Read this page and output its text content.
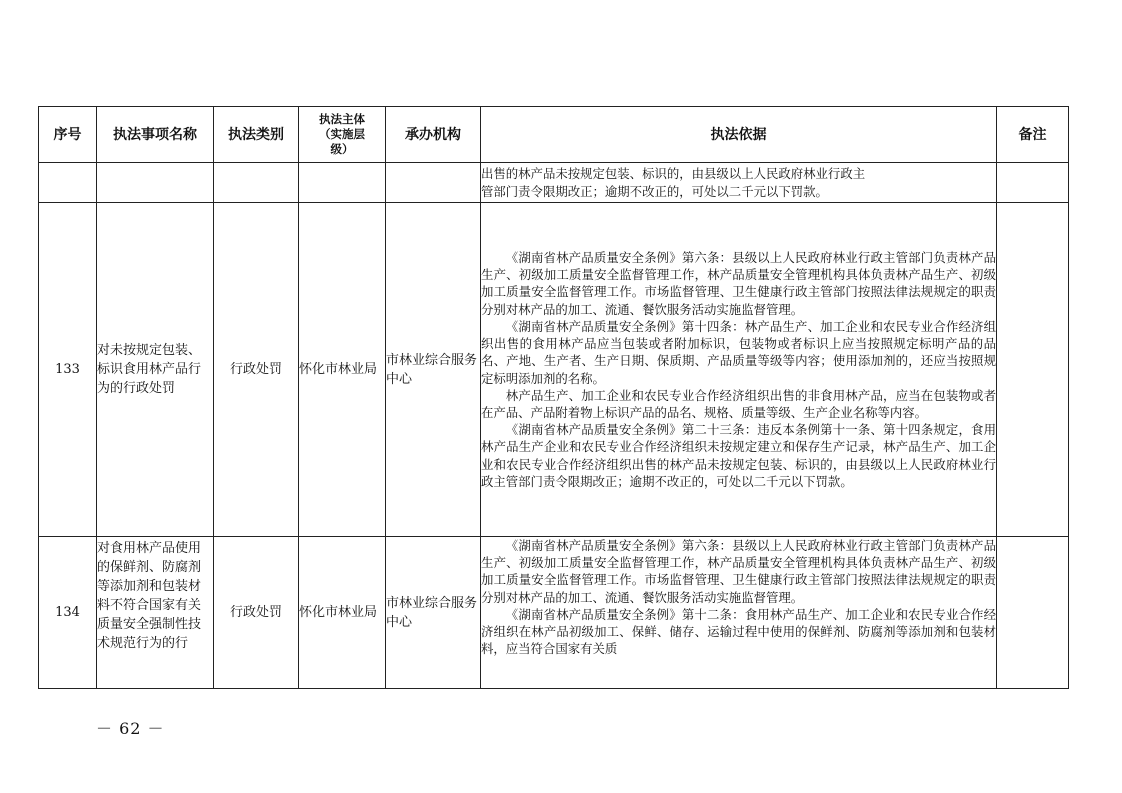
序号	执法事项名称	执法类别	执法主体
（实施层
级）	承办机构	执法依据	备注

					出售的林产品未按规定包装、标识的，由县级以上人民政府林业行政主

管部门责令限期改正；逾期不改正的，可处以二千元以下罚款。	

133	对未按规定包装、标识食用林产品行为的行政处罚	行政处罚	怀化市林业局	市林业综合服务中心	《湖南省林产品质量安全条例》第六条：县级以上人民政府林业行政主管部门负责林产品生产、初级加工质量安全监督管理工作，林产品质量安全管理机构具体负责林产品生产、初级加工质量安全监督管理工作。市场监督管理、卫生健康行政主管部门按照法律法规规定的职责分别对林产品的加工、流通、餐饮服务活动实施监督管理。

《湖南省林产品质量安全条例》第十四条：林产品生产、加工企业和农民专业合作经济组织出售的食用林产品应当包装或者附加标识，包装物或者标识上应当按照规定标明产品的品名、产地、生产者、生产日期、保质期、产品质量等级等内容；使用添加剂的，还应当按照规定标明添加剂的名称。

林产品生产、加工企业和农民专业合作经济组织出售的非食用林产品，应当在包装物或者在产品、产品附着物上标识产品的品名、规格、质量等级、生产企业名称等内容。

《湖南省林产品质量安全条例》第二十三条：违反本条例第十一条、第十四条规定，食用林产品生产企业和农民专业合作经济组织未按规定建立和保存生产记录，林产品生产、加工企业和农民专业合作经济组织出售的林产品未按规定包装、标识的，由县级以上人民政府林业行政主管部门责令限期改正；逾期不改正的，可处以二千元以下罚款。	

134	对食用林产品使用的保鲜剂、防腐剂等添加剂和包装材料不符合国家有关质量安全强制性技术规范行为的行	行政处罚	怀化市林业局	市林业综合服务中心	《湖南省林产品质量安全条例》第六条：县级以上人民政府林业行政主管部门负责林产品生产、初级加工质量安全监督管理工作，林产品质量安全管理机构具体负责林产品生产、初级加工质量安全监督管理工作。市场监督管理、卫生健康行政主管部门按照法律法规规定的职责分别对林产品的加工、流通、餐饮服务活动实施监督管理。

《湖南省林产品质量安全条例》第十二条：食用林产品生产、加工企业和农民专业合作经济组织在林产品初级加工、保鲜、储存、运输过程中使用的保鲜剂、防腐剂等添加剂和包装材料，应当符合国家有关质	

－ 62 －
